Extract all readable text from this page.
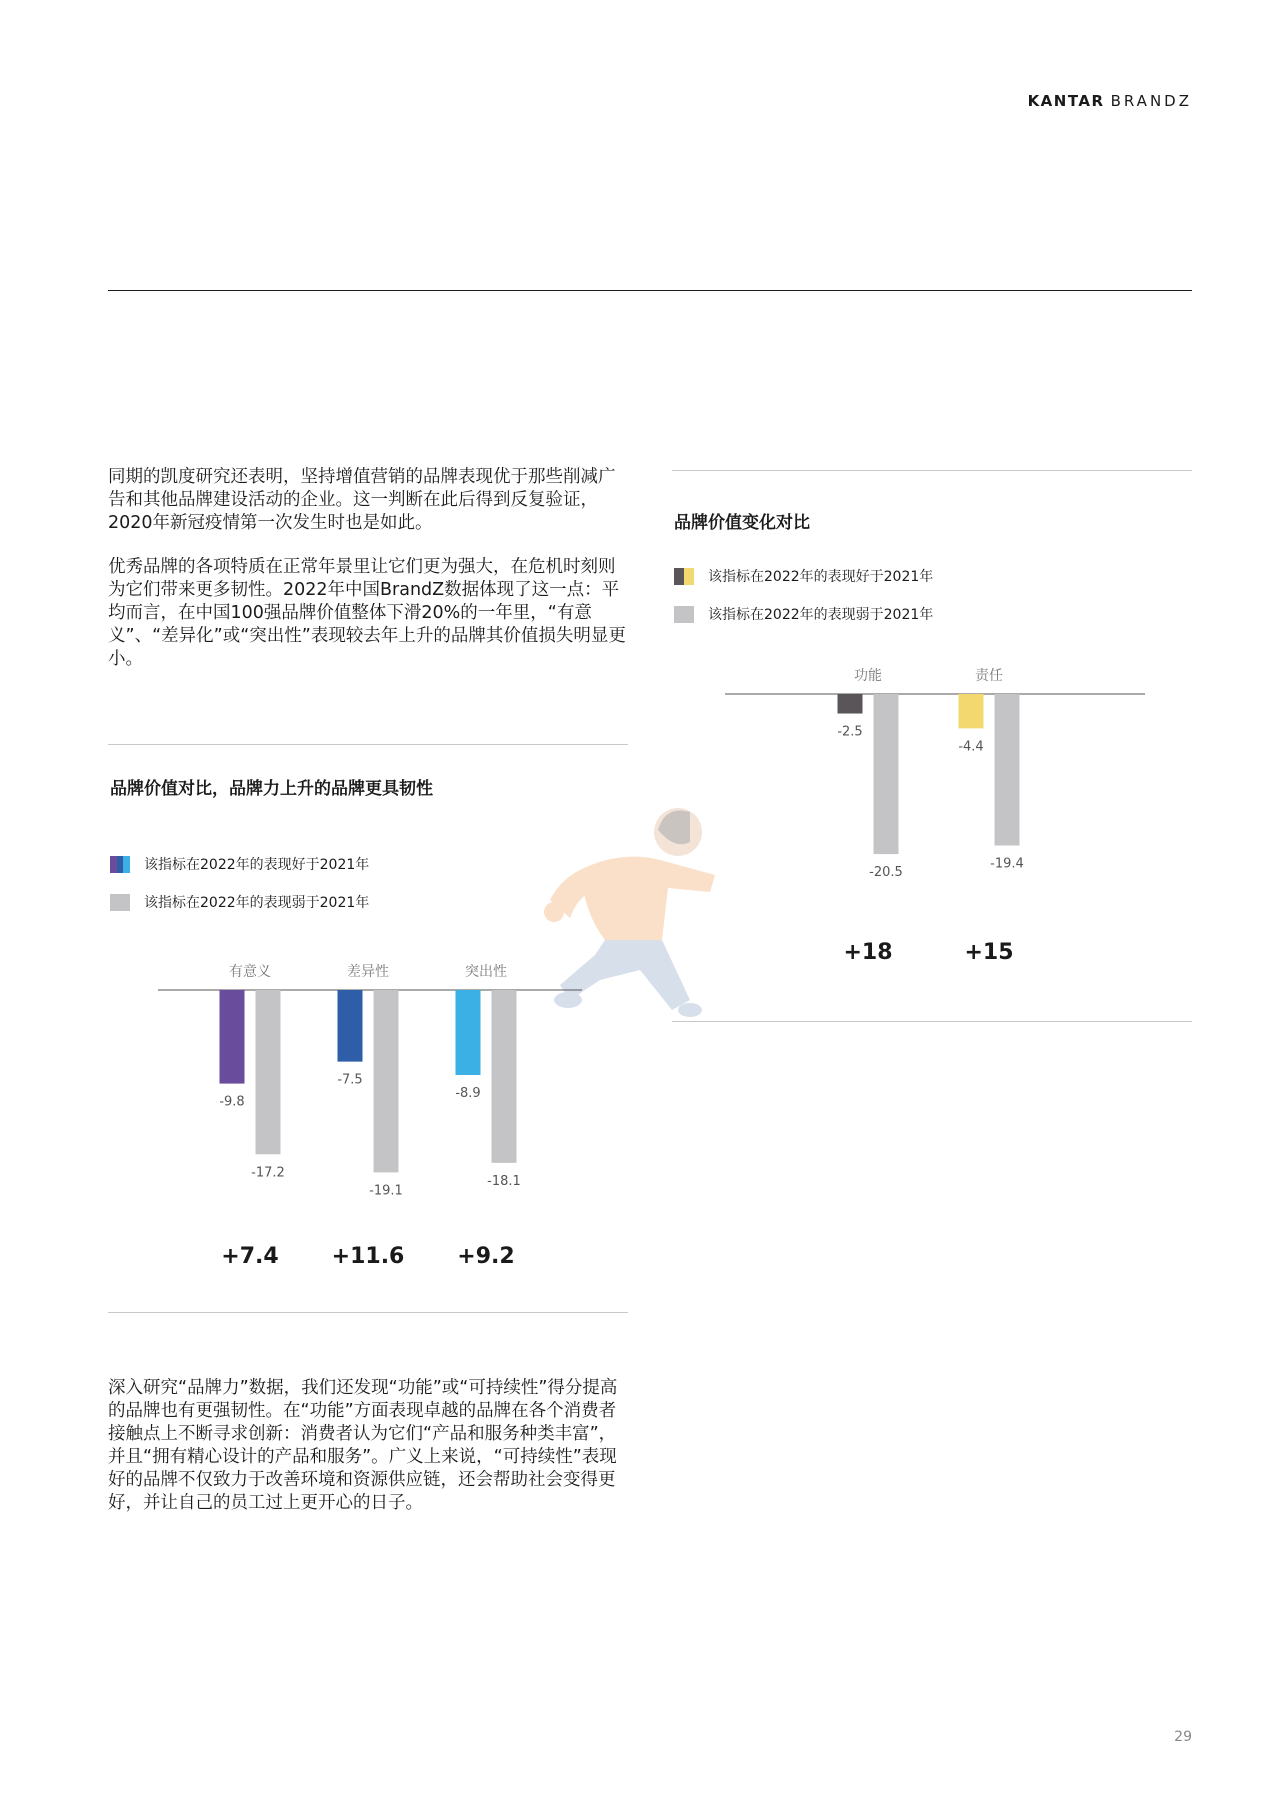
KANTAR BRANDZ

同期的凯度研究还表明，坚持增值营销的品牌表现优于那些削减广告和其他品牌建设活动的企业。这一判断在此后得到反复验证，2020年新冠疫情第一次发生时也是如此。

优秀品牌的各项特质在正常年景里让它们更为强大，在危机时刻则为它们带来更多韧性。2022年中国BrandZ数据体现了这一点：平均而言，在中国100强品牌价值整体下滑20%的一年里，“有意义”、“差异化”或“突出性”表现较去年上升的品牌其价值损失明显更小。

品牌价值对比，品牌力上升的品牌更具韧性
该指标在2022年的表现好于2021年
该指标在2022年的表现弱于2021年
有意义
-9.8
-17.2
+7.4
差异性
-7.5
-19.1
+11.6
突出性
-8.9
-18.1
+9.2

深入研究“品牌力”数据，我们还发现“功能”或“可持续性”得分提高的品牌也有更强韧性。在“功能”方面表现卓越的品牌在各个消费者接触点上不断寻求创新：消费者认为它们“产品和服务种类丰富”，并且“拥有精心设计的产品和服务”。广义上来说，“可持续性”表现好的品牌不仅致力于改善环境和资源供应链，还会帮助社会变得更好，并让自己的员工过上更开心的日子。

品牌价值变化对比
该指标在2022年的表现好于2021年
该指标在2022年的表现弱于2021年
功能
-2.5
-20.5
+18
责任
-4.4
-19.4
+15
29
